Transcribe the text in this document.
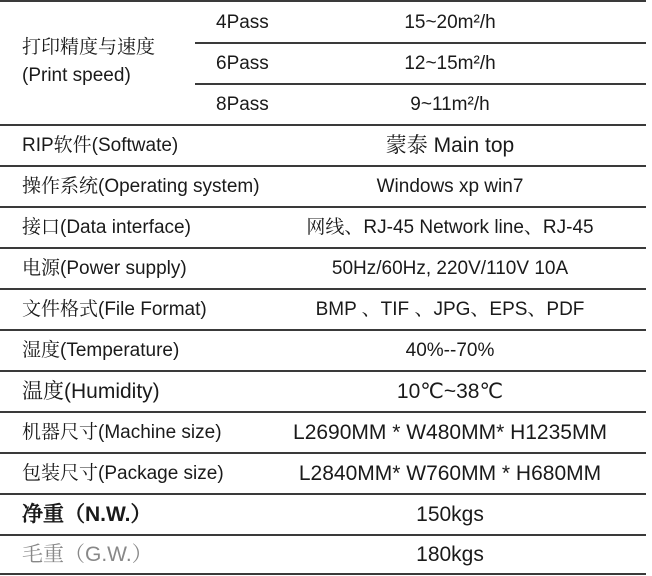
打印精度与速度
(Print speed)
4Pass	15~20m²/h
6Pass	12~15m²/h
8Pass	9~11m²/h
RIP软件(Softwate)	蒙泰 Main top
操作系统(Operating system)	Windows xp win7
接口(Data interface)	网线、RJ-45 Network line、RJ-45
电源(Power supply)	50Hz/60Hz, 220V/110V 10A
文件格式(File Format)	BMP 、TIF 、JPG、EPS、PDF
湿度(Temperature)	40%--70%
温度(Humidity)	10℃~38℃
机器尺寸(Machine size)	L2690MM * W480MM* H1235MM
包装尺寸(Package size)	L2840MM* W760MM * H680MM
净重（N.W.）	150kgs
毛重（G.W.）	180kgs
